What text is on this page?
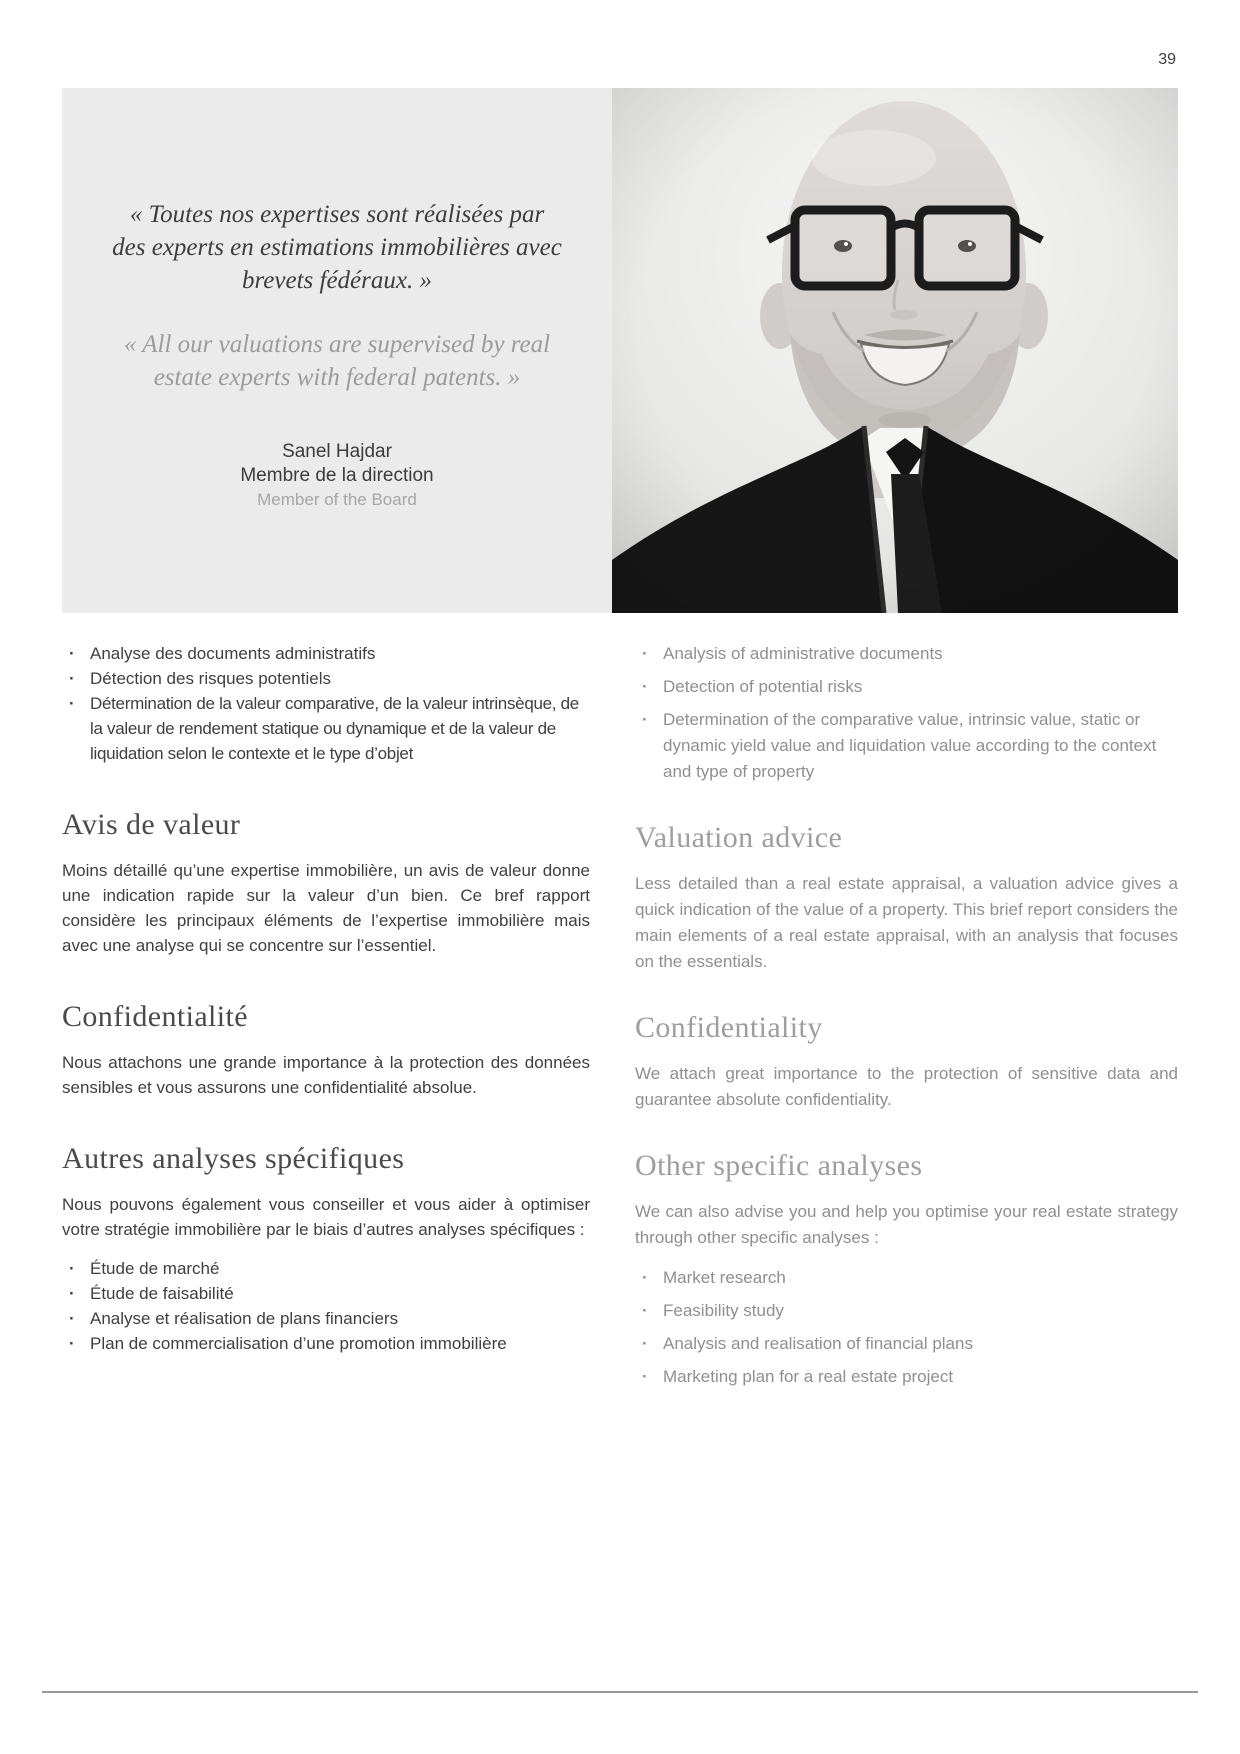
39
« Toutes nos expertises sont réalisées par des experts en estimations immobilières avec brevets fédéraux. »
« All our valuations are supervised by real estate experts with federal patents. »
Sanel Hajdar
Membre de la direction
Member of the Board
· Analyse des documents administratifs
· Détection des risques potentiels
· Détermination de la valeur comparative, de la valeur intrinsèque, de la valeur de rendement statique ou dynamique et de la valeur de liquidation selon le contexte et le type d’objet
Avis de valeur

Moins détaillé qu’une expertise immobilière, un avis de valeur donne une indication rapide sur la valeur d’un bien. Ce bref rapport considère les principaux éléments de l’expertise immobilière mais avec une analyse qui se concentre sur l’essentiel.

Confidentialité

Nous attachons une grande importance à la protection des données sensibles et vous assurons une confidentialité absolue.

Autres analyses spécifiques

Nous pouvons également vous conseiller et vous aider à optimiser votre stratégie immobilière par le biais d’autres analyses spécifiques :

· Étude de marché
· Étude de faisabilité
· Analyse et réalisation de plans financiers
· Plan de commercialisation d’une promotion immobilière
· Analysis of administrative documents
· Detection of potential risks
· Determination of the comparative value, intrinsic value, static or dynamic yield value and liquidation value according to the context and type of property
Valuation advice

Less detailed than a real estate appraisal, a valuation advice gives a quick indication of the value of a property. This brief report considers the main elements of a real estate appraisal, with an analysis that focuses on the essentials.

Confidentiality

We attach great importance to the protection of sensitive data and guarantee absolute confidentiality.

Other specific analyses

We can also advise you and help you optimise your real estate strategy through other specific analyses :

· Market research
· Feasibility study
· Analysis and realisation of financial plans
· Marketing plan for a real estate project
